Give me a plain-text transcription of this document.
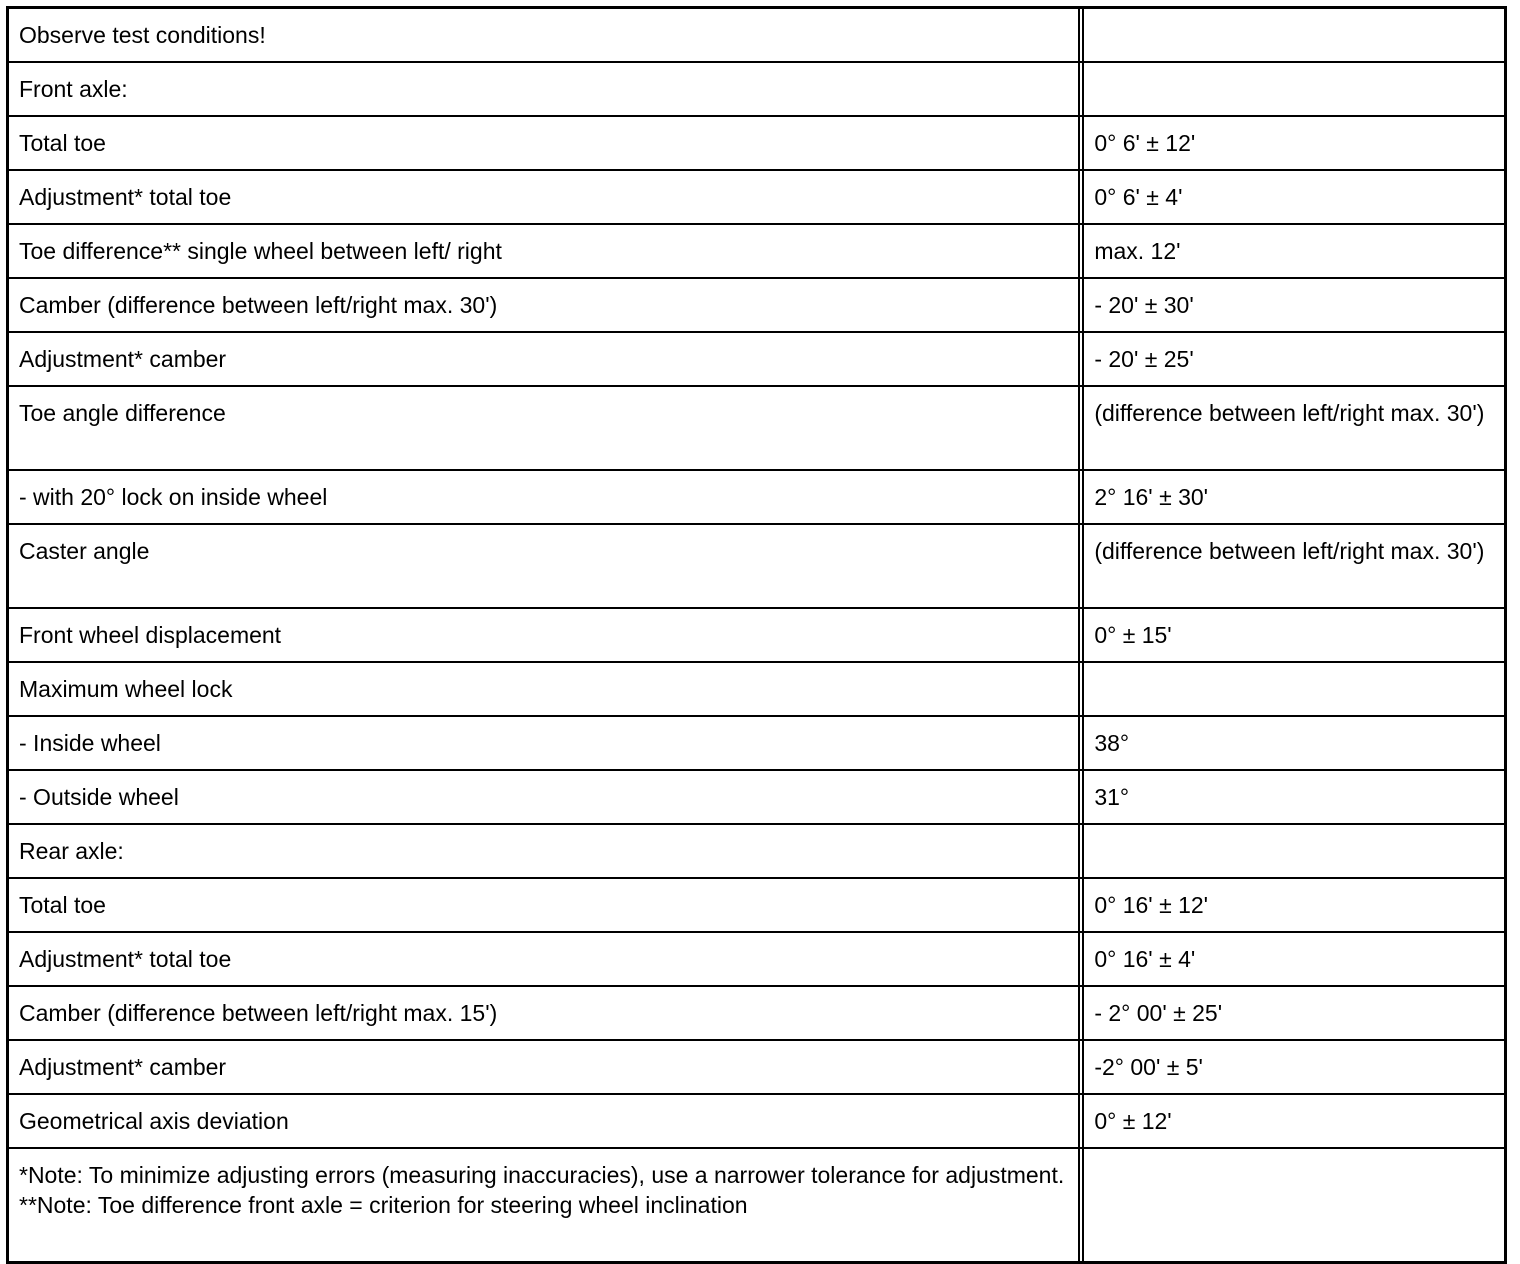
Observe test conditions!		
Front axle:		
Total toe		0° 6' ± 12'
Adjustment* total toe		0° 6' ± 4'
Toe difference** single wheel between left/ right		max. 12'
Camber (difference between left/right max. 30')		- 20' ± 30'
Adjustment* camber		- 20' ± 25'
Toe angle difference		(difference between left/right max. 30')
- with 20° lock on inside wheel		2° 16' ± 30'
Caster angle		(difference between left/right max. 30')
Front wheel displacement		0° ± 15'
Maximum wheel lock		
- Inside wheel		38°
- Outside wheel		31°
Rear axle:		
Total toe		0° 16' ± 12'
Adjustment* total toe		0° 16' ± 4'
Camber (difference between left/right max. 15')		- 2° 00' ± 25'
Adjustment* camber		-2° 00' ± 5'
Geometrical axis deviation		0° ± 12'

*Note: To minimize adjusting errors (measuring inaccuracies), use a narrower tolerance for adjustment.
**Note: Toe difference front axle = criterion for steering wheel inclination		
